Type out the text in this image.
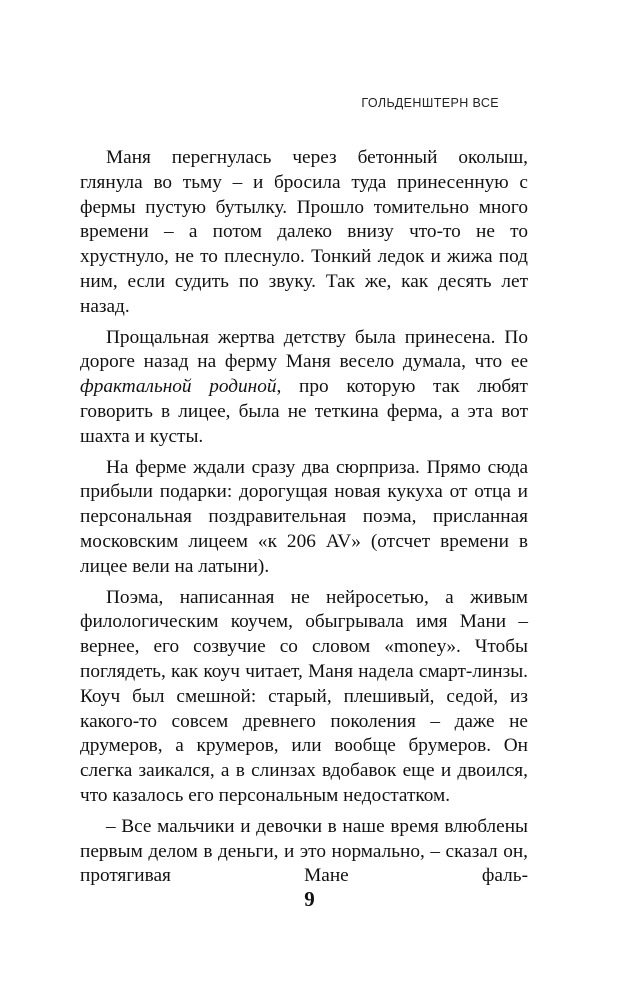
ГОЛЬДЕНШТЕРН ВСЕ

Маня перегнулась через бетонный околыш, глянула во тьму – и бросила туда принесенную с фермы пустую бутылку. Прошло томительно много времени – а потом далеко внизу что-то не то хрустнуло, не то плеснуло. Тонкий ледок и жижа под ним, если судить по звуку. Так же, как десять лет назад.

Прощальная жертва детству была принесена. По дороге назад на ферму Маня весело думала, что ее фрактальной родиной, про которую так любят говорить в лицее, была не теткина ферма, а эта вот шахта и кусты.

На ферме ждали сразу два сюрприза. Прямо сюда прибыли подарки: дорогущая новая кукуха от отца и персональная поздравительная поэма, присланная московским лицеем «к 206 AV» (отсчет времени в лицее вели на латыни).

Поэма, написанная не нейросетью, а живым филологическим коучем, обыгрывала имя Мани – вернее, его созвучие со словом «money». Чтобы поглядеть, как коуч читает, Маня надела смарт-линзы. Коуч был смешной: старый, плешивый, седой, из какого-то совсем древнего поколения – даже не друмеров, а крумеров, или вообще брумеров. Он слегка заикался, а в слинзах вдобавок еще и двоился, что казалось его персональным недостатком.

– Все мальчики и девочки в наше время влюблены первым делом в деньги, и это нормально, – сказал он, протягивая Мане фаль-

9
